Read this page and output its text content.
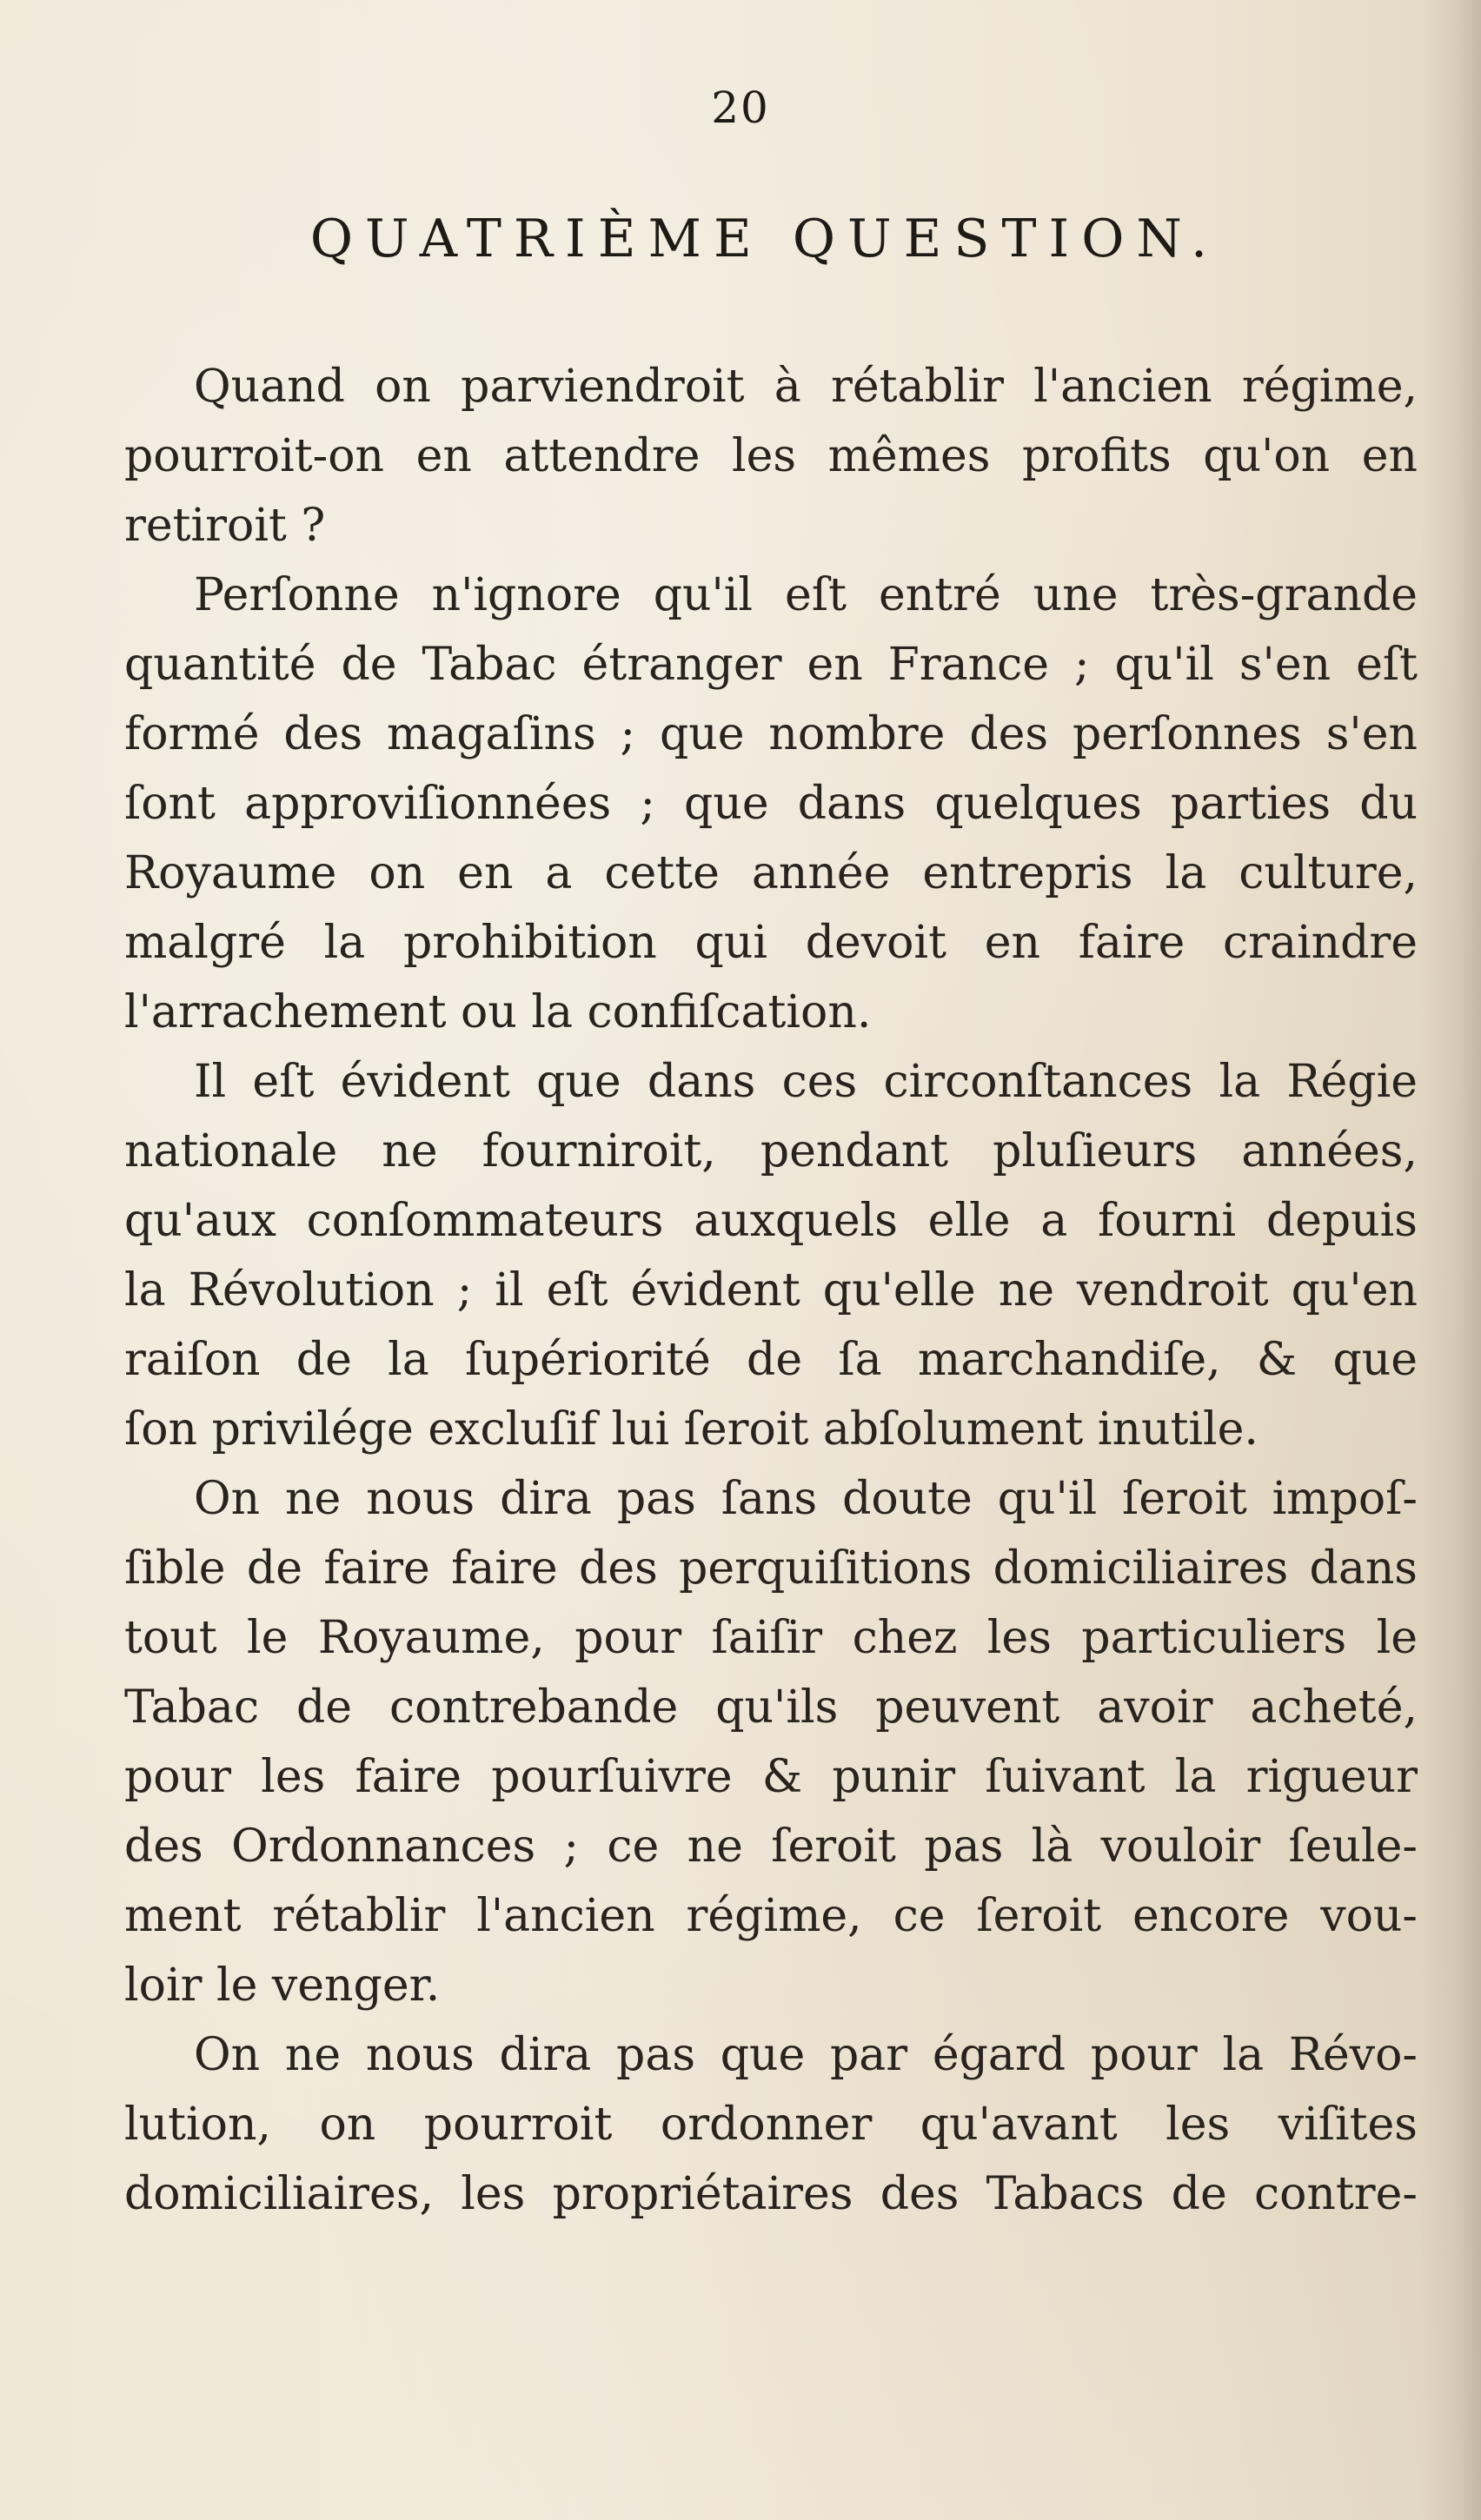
20
QUATRIÈME QUESTION.
Quand on parviendroit à rétablir l'ancien régime,
pourroit-on en attendre les mêmes profits qu'on en
retiroit ?
Perſonne n'ignore qu'il eſt entré une très-grande
quantité de Tabac étranger en France ; qu'il s'en eſt
formé des magaſins ; que nombre des perſonnes s'en
ſont approviſionnées ; que dans quelques parties du
Royaume on en a cette année entrepris la culture,
malgré la prohibition qui devoit en faire craindre
l'arrachement ou la confiſcation.
Il eſt évident que dans ces circonſtances la Régie
nationale ne fourniroit, pendant pluſieurs années,
qu'aux conſommateurs auxquels elle a fourni depuis
la Révolution ; il eſt évident qu'elle ne vendroit qu'en
raiſon de la ſupériorité de ſa marchandiſe, & que
ſon privilége excluſif lui ſeroit abſolument inutile.
On ne nous dira pas ſans doute qu'il ſeroit impoſ-
ſible de faire faire des perquiſitions domiciliaires dans
tout le Royaume, pour ſaiſir chez les particuliers le
Tabac de contrebande qu'ils peuvent avoir acheté,
pour les faire pourſuivre & punir ſuivant la rigueur
des Ordonnances ; ce ne ſeroit pas là vouloir ſeule-
ment rétablir l'ancien régime, ce ſeroit encore vou-
loir le venger.
On ne nous dira pas que par égard pour la Révo-
lution, on pourroit ordonner qu'avant les viſites
domiciliaires, les propriétaires des Tabacs de contre-
